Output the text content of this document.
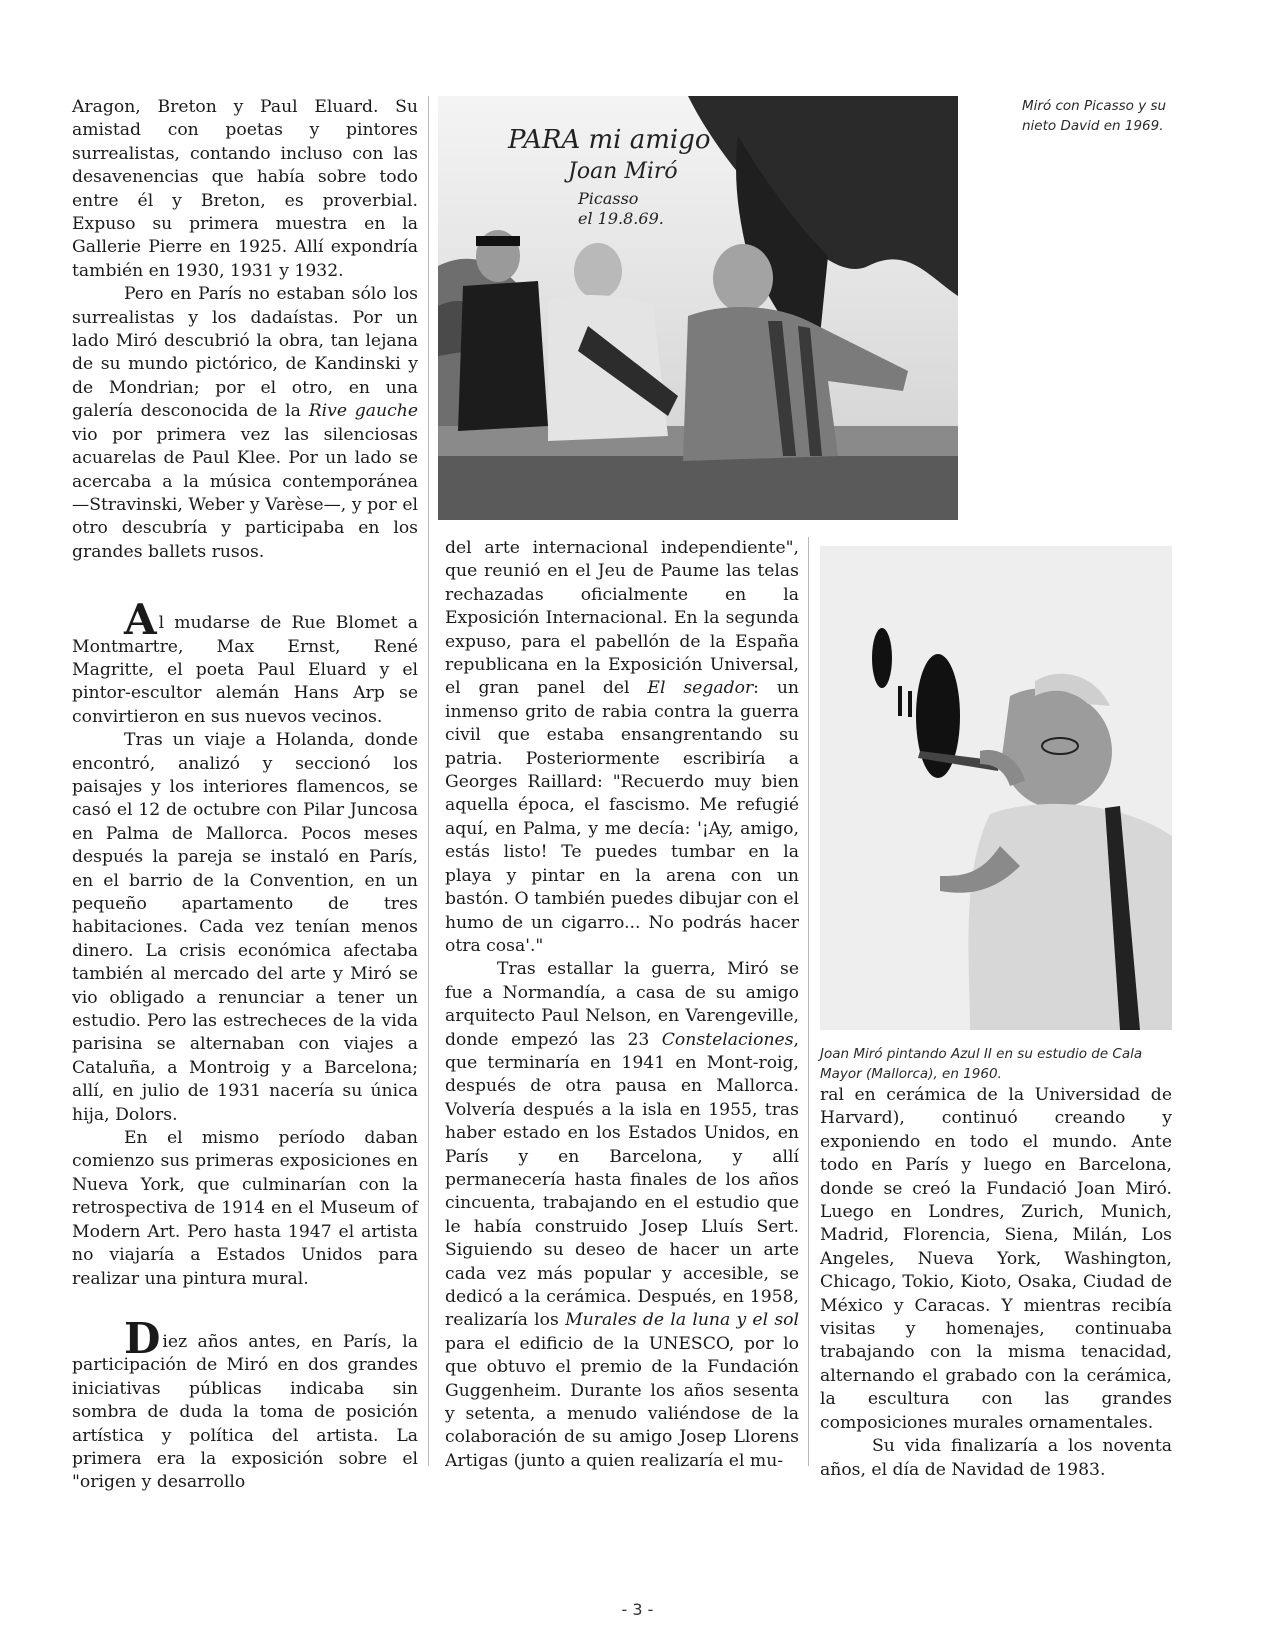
Aragon, Breton y Paul Eluard. Su amistad con poetas y pintores surrealistas, contando incluso con las desavenencias que había sobre todo entre él y Breton, es proverbial. Expuso su primera muestra en la Gallerie Pierre en 1925. Allí expondría también en 1930, 1931 y 1932.

Pero en París no estaban sólo los surrealistas y los dadaístas. Por un lado Miró descubrió la obra, tan lejana de su mundo pictórico, de Kandinski y de Mondrian; por el otro, en una galería desconocida de la Rive gauche vio por primera vez las silenciosas acuarelas de Paul Klee. Por un lado se acercaba a la música contemporánea —Stravinski, Weber y Varèse—, y por el otro descubría y participaba en los grandes ballets rusos.

Al mudarse de Rue Blomet a Montmartre, Max Ernst, René Magritte, el poeta Paul Eluard y el pintor-escultor alemán Hans Arp se convirtieron en sus nuevos vecinos.

Tras un viaje a Holanda, donde encontró, analizó y seccionó los paisajes y los interiores flamencos, se casó el 12 de octubre con Pilar Juncosa en Palma de Mallorca. Pocos meses después la pareja se instaló en París, en el barrio de la Convention, en un pequeño apartamento de tres habitaciones. Cada vez tenían menos dinero. La crisis económica afectaba también al mercado del arte y Miró se vio obligado a renunciar a tener un estudio. Pero las estrecheces de la vida parisina se alternaban con viajes a Cataluña, a Montroig y a Barcelona; allí, en julio de 1931 nacería su única hija, Dolors.

En el mismo período daban comienzo sus primeras exposiciones en Nueva York, que culminarían con la retrospectiva de 1914 en el Museum of Modern Art. Pero hasta 1947 el artista no viajaría a Estados Unidos para realizar una pintura mural.

Diez años antes, en París, la participación de Miró en dos grandes iniciativas públicas indicaba sin sombra de duda la toma de posición artística y política del artista. La primera era la exposición sobre el "origen y desarrollo

PARA mi amigo
Joan Miró
Picasso
el 19.8.69.
Miró con Picasso y su nieto David en 1969.

del arte internacional independiente", que reunió en el Jeu de Paume las telas rechazadas oficialmente en la Exposición Internacional. En la segunda expuso, para el pabellón de la España republicana en la Exposición Universal, el gran panel del El segador: un inmenso grito de rabia contra la guerra civil que estaba ensangrentando su patria. Posteriormente escribiría a Georges Raillard: "Recuerdo muy bien aquella época, el fascismo. Me refugié aquí, en Palma, y me decía: '¡Ay, amigo, estás listo! Te puedes tumbar en la playa y pintar en la arena con un bastón. O también puedes dibujar con el humo de un cigarro... No podrás hacer otra cosa'."

Tras estallar la guerra, Miró se fue a Normandía, a casa de su amigo arquitecto Paul Nelson, en Varengeville, donde empezó las 23 Constelaciones, que terminaría en 1941 en Mont-roig, después de otra pausa en Mallorca. Volvería después a la isla en 1955, tras haber estado en los Estados Unidos, en París y en Barcelona, y allí permanecería hasta finales de los años cincuenta, trabajando en el estudio que le había construido Josep Lluís Sert. Siguiendo su deseo de hacer un arte cada vez más popular y accesible, se dedicó a la cerámica. Después, en 1958, realizaría los Murales de la luna y el sol para el edificio de la UNESCO, por lo que obtuvo el premio de la Fundación Guggenheim. Durante los años sesenta y setenta, a menudo valiéndose de la colaboración de su amigo Josep Llorens Artigas (junto a quien realizaría el mu-

Joan Miró pintando Azul II en su estudio de Cala Mayor (Mallorca), en 1960.

ral en cerámica de la Universidad de Harvard), continuó creando y exponiendo en todo el mundo. Ante todo en París y luego en Barcelona, donde se creó la Fundació Joan Miró. Luego en Londres, Zurich, Munich, Madrid, Florencia, Siena, Milán, Los Angeles, Nueva York, Washington, Chicago, Tokio, Kioto, Osaka, Ciudad de México y Caracas. Y mientras recibía visitas y homenajes, continuaba trabajando con la misma tenacidad, alternando el grabado con la cerámica, la escultura con las grandes composiciones murales ornamentales.

Su vida finalizaría a los noventa años, el día de Navidad de 1983.

- 3 -
